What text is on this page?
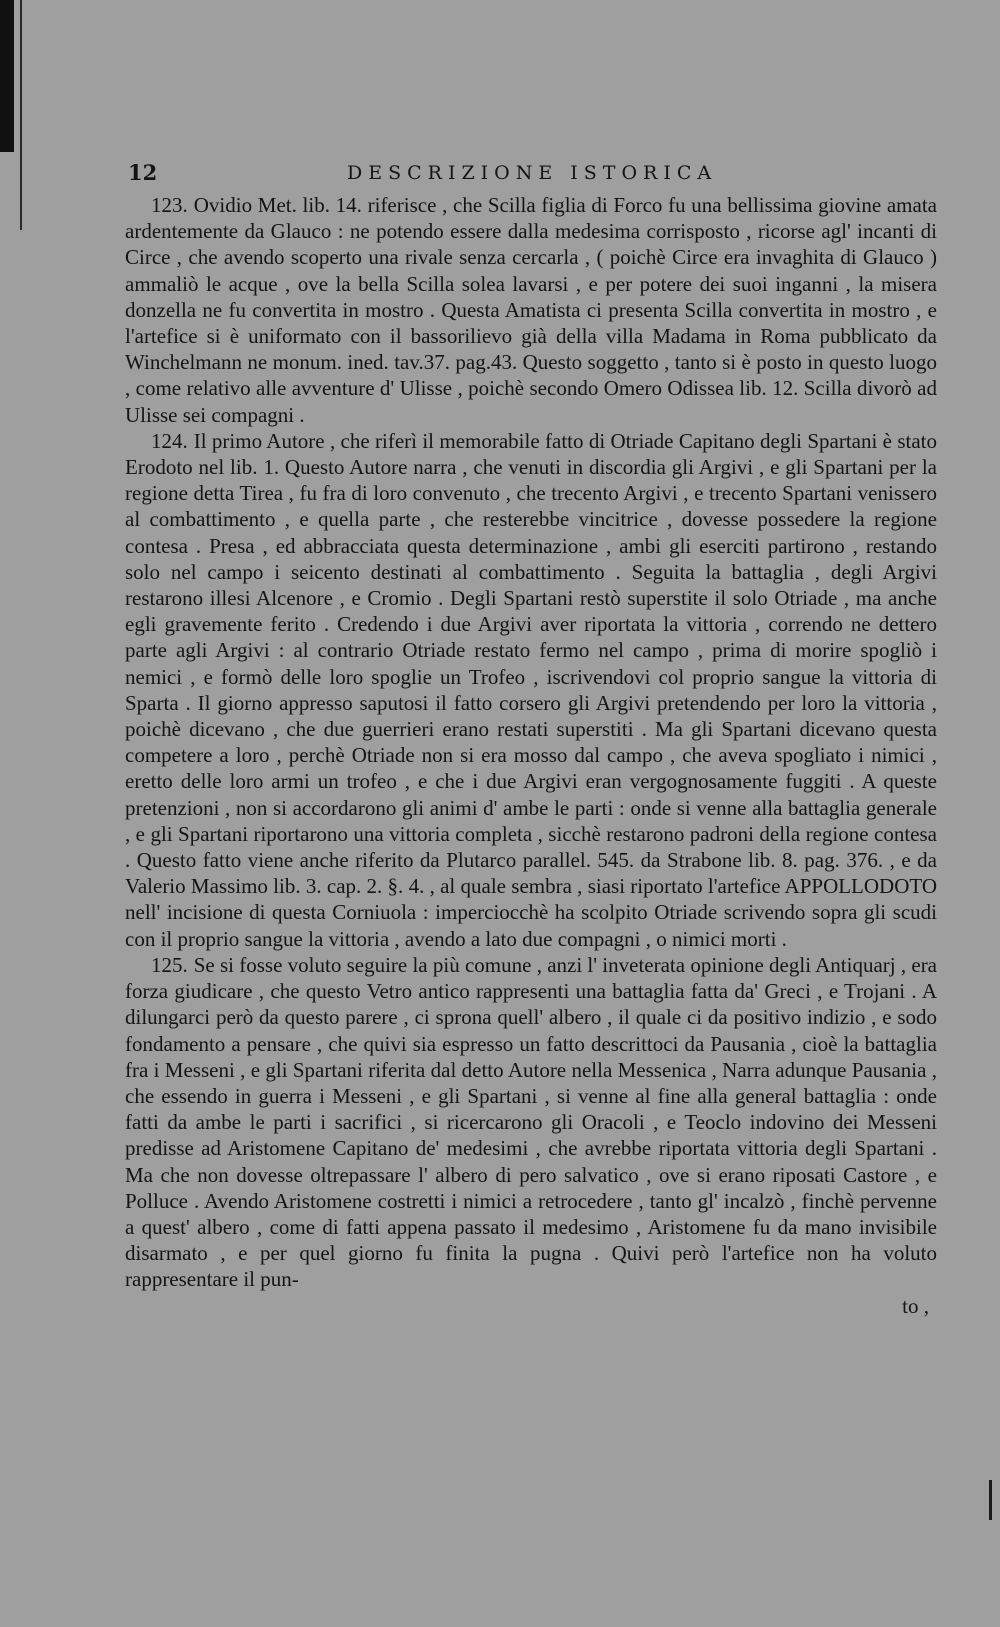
12	DESCRIZIONE ISTORICA

123. Ovidio Met. lib. 14. riferisce , che Scilla figlia di Forco fu una bellissima giovine amata ardentemente da Glauco : ne potendo essere dalla medesima corrisposto , ricorse agl' incanti di Circe , che avendo scoperto una rivale senza cercarla , ( poichè Circe era invaghita di Glauco ) ammaliò le acque , ove la bella Scilla solea lavarsi , e per potere dei suoi inganni , la misera donzella ne fu convertita in mostro . Questa Amatista ci presenta Scilla convertita in mostro , e l'artefice si è uniformato con il bassorilievo già della villa Madama in Roma pubblicato da Winchelmann ne monum. ined. tav.37. pag.43. Questo soggetto , tanto si è posto in questo luogo , come relativo alle avventure d' Ulisse , poichè secondo Omero Odissea lib. 12. Scilla divorò ad Ulisse sei compagni .

124. Il primo Autore , che riferì il memorabile fatto di Otriade Capitano degli Spartani è stato Erodoto nel lib. 1. Questo Autore narra , che venuti in discordia gli Argivi , e gli Spartani per la regione detta Tirea , fu fra di loro convenuto , che trecento Argivi , e trecento Spartani venissero al combattimento , e quella parte , che resterebbe vincitrice , dovesse possedere la regione contesa . Presa , ed abbracciata questa determinazione , ambi gli eserciti partirono , restando solo nel campo i seicento destinati al combattimento . Seguita la battaglia , degli Argivi restarono illesi Alcenore , e Cromio . Degli Spartani restò superstite il solo Otriade , ma anche egli gravemente ferito . Credendo i due Argivi aver riportata la vittoria , correndo ne dettero parte agli Argivi : al contrario Otriade restato fermo nel campo , prima di morire spogliò i nemici , e formò delle loro spoglie un Trofeo , iscrivendovi col proprio sangue la vittoria di Sparta . Il giorno appresso saputosi il fatto corsero gli Argivi pretendendo per loro la vittoria , poichè dicevano , che due guerrieri erano restati superstiti . Ma gli Spartani dicevano questa competere a loro , perchè Otriade non si era mosso dal campo , che aveva spogliato i nimici , eretto delle loro armi un trofeo , e che i due Argivi eran vergognosamente fuggiti . A queste pretenzioni , non si accordarono gli animi d' ambe le parti : onde si venne alla battaglia generale , e gli Spartani riportarono una vittoria completa , sicchè restarono padroni della regione contesa . Questo fatto viene anche riferito da Plutarco parallel. 545. da Strabone lib. 8. pag. 376. , e da Valerio Massimo lib. 3. cap. 2. §. 4. , al quale sembra , siasi riportato l'artefice APPOLLODOTO nell' incisione di questa Corniuola : imperciocchè ha scolpito Otriade scrivendo sopra gli scudi con il proprio sangue la vittoria , avendo a lato due compagni , o nimici morti .

125. Se si fosse voluto seguire la più comune , anzi l' inveterata opinione degli Antiquarj , era forza giudicare , che questo Vetro antico rappresenti una battaglia fatta da' Greci , e Trojani . A dilungarci però da questo parere , ci sprona quell' albero , il quale ci da positivo indizio , e sodo fondamento a pensare , che quivi sia espresso un fatto descrittoci da Pausania , cioè la battaglia fra i Messeni , e gli Spartani riferita dal detto Autore nella Messenica , Narra adunque Pausania , che essendo in guerra i Messeni , e gli Spartani , si venne al fine alla general battaglia : onde fatti da ambe le parti i sacrifici , si ricercarono gli Oracoli , e Teoclo indovino dei Messeni predisse ad Aristomene Capitano de' medesimi , che avrebbe riportata vittoria degli Spartani . Ma che non dovesse oltrepassare l' albero di pero salvatico , ove si erano riposati Castore , e Polluce . Avendo Aristomene costretti i nimici a retrocedere , tanto gl' incalzò , finchè pervenne a quest' albero , come di fatti appena passato il medesimo , Aristomene fu da mano invisibile disarmato , e per quel giorno fu finita la pugna . Quivi però l'artefice non ha voluto rappresentare il pun-

to ,
